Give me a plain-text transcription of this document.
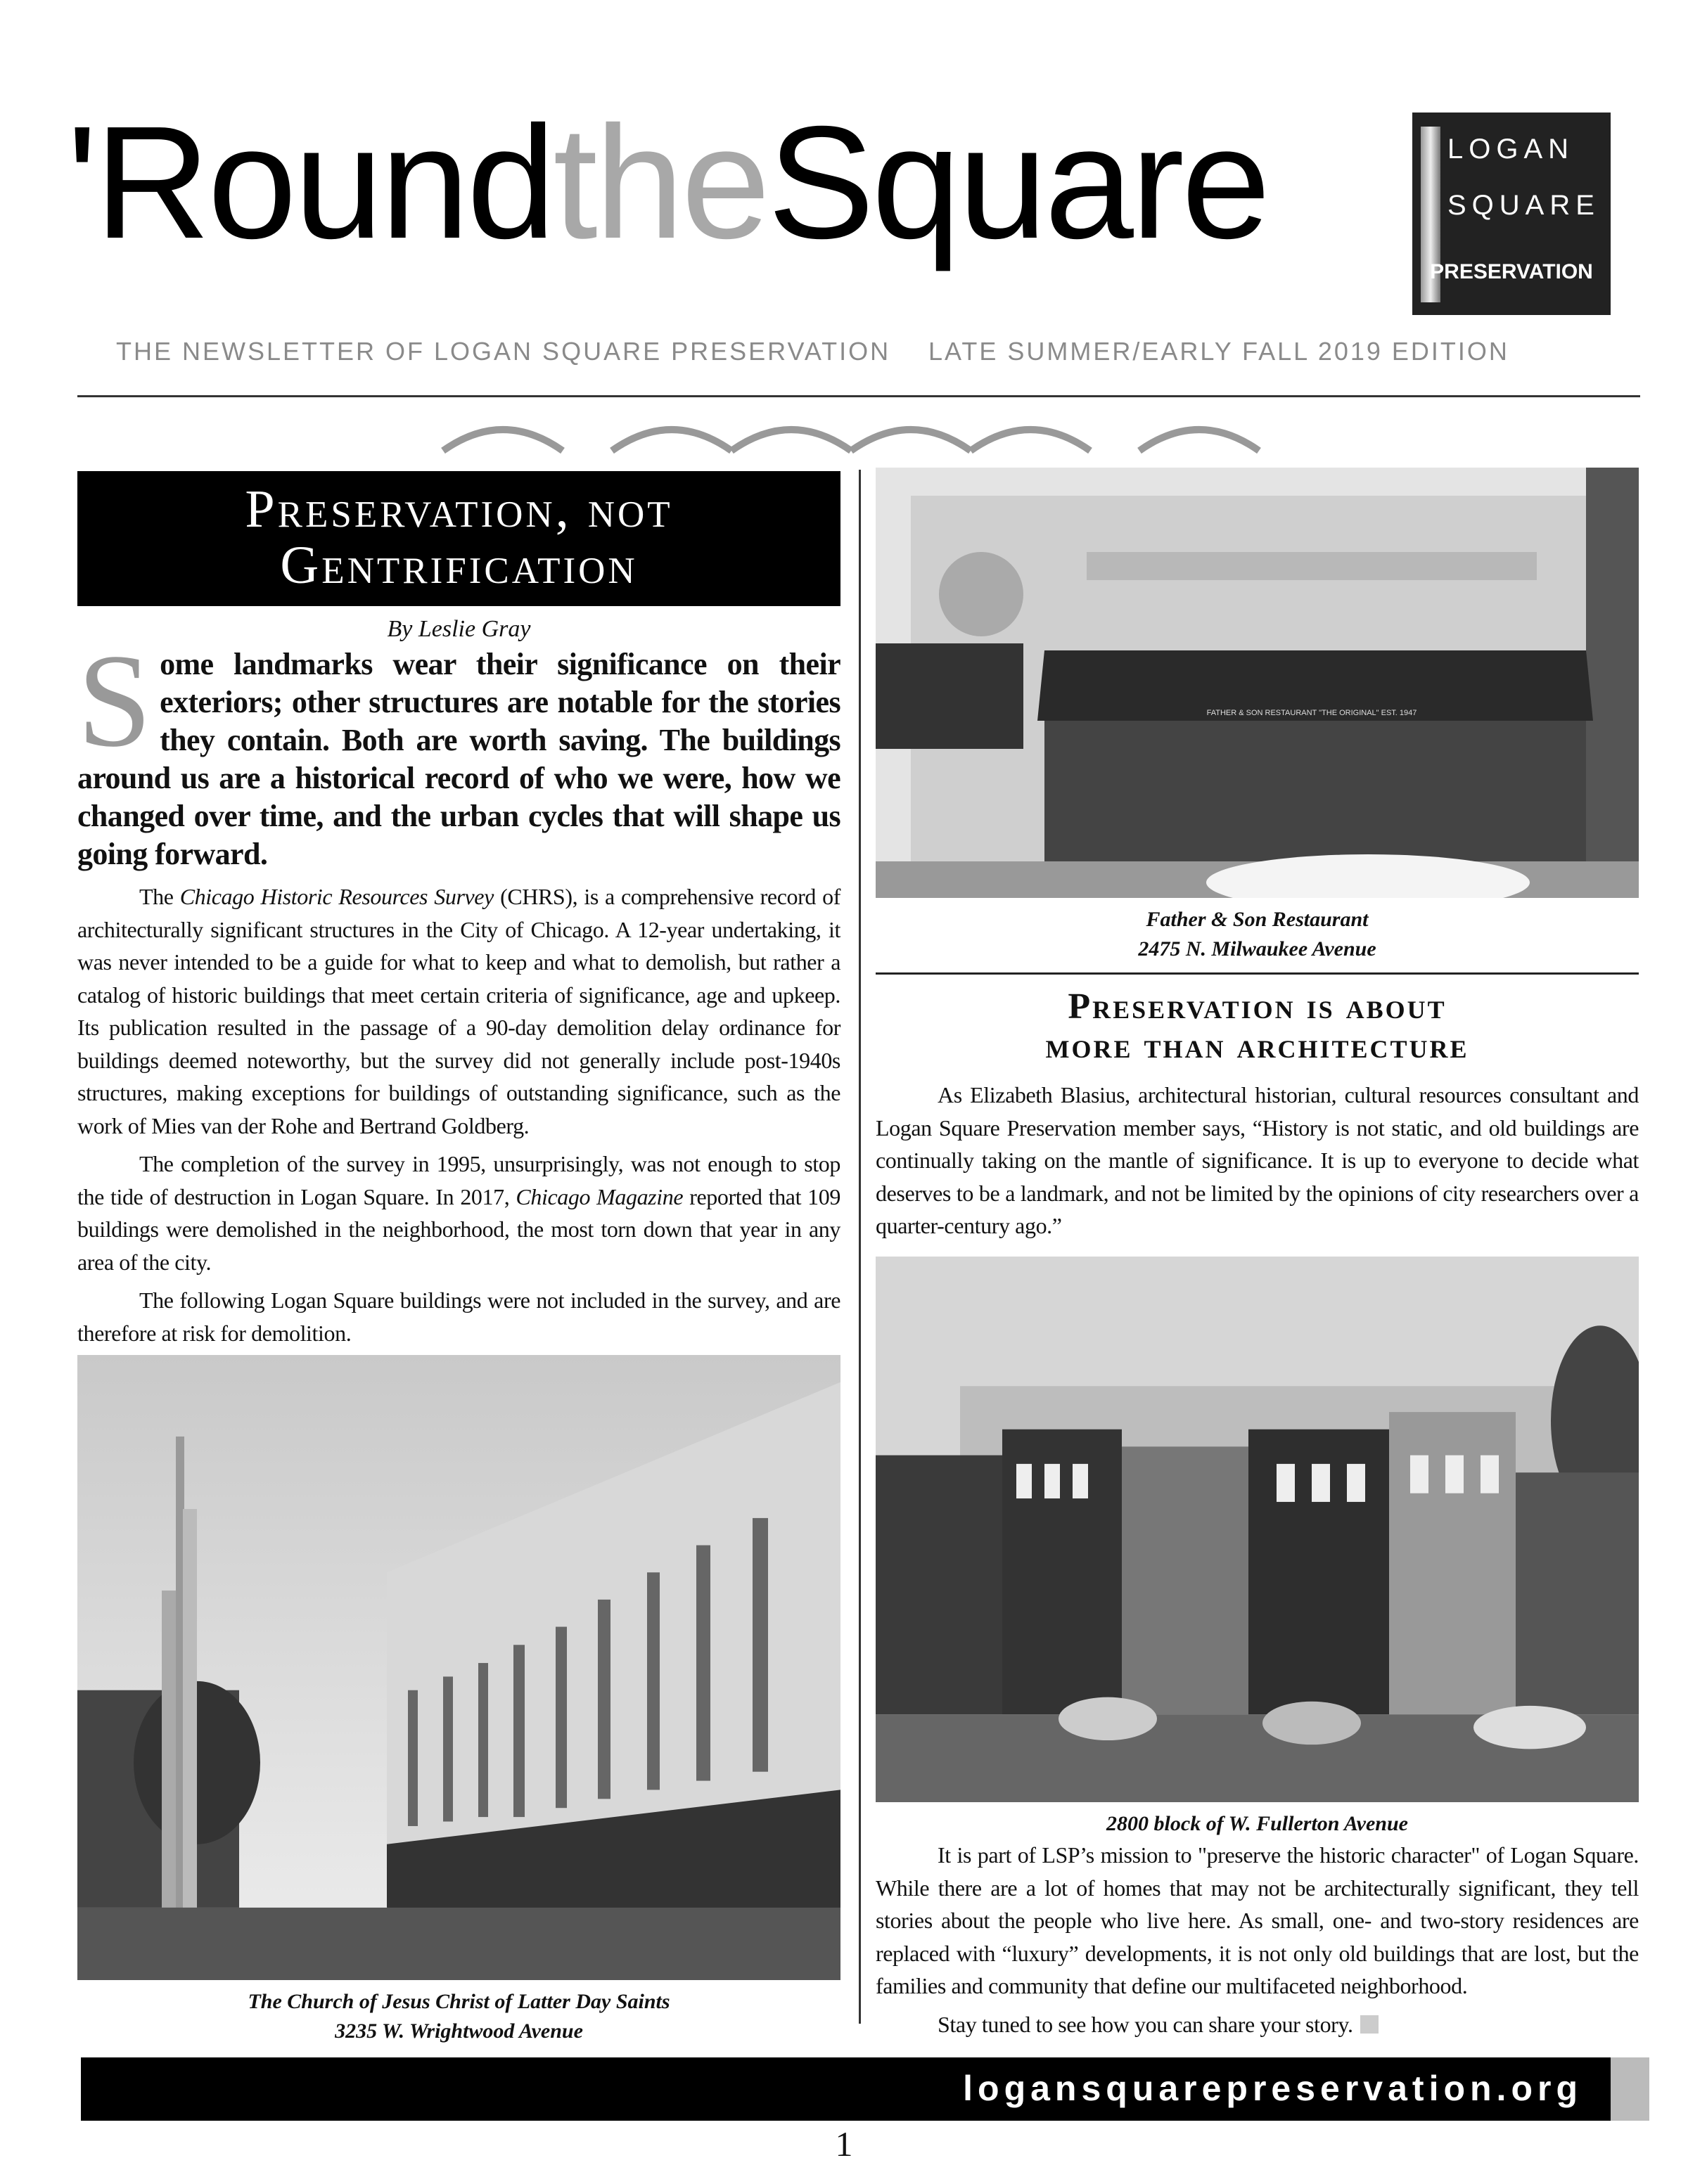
'RoundtheSquare	LOGAN
SQUARE
PRESERVATION
THE NEWSLETTER OF LOGAN SQUARE PRESERVATION LATE SUMMER/EARLY FALL 2019 EDITION
Preservation, not Gentrification
By Leslie Gray
Some landmarks wear their significance on their exteriors; other structures are notable for the stories they contain. Both are worth saving. The buildings around us are a historical record of who we were, how we changed over time, and the urban cycles that will shape us going forward.

The Chicago Historic Resources Survey (CHRS), is a comprehensive record of architecturally significant structures in the City of Chicago. A 12-year undertaking, it was never intended to be a guide for what to keep and what to demolish, but rather a catalog of historic buildings that meet certain criteria of significance, age and upkeep. Its publication resulted in the passage of a 90-day demolition delay ordinance for buildings deemed noteworthy, but the survey did not generally include post-1940s structures, making exceptions for buildings of outstanding significance, such as the work of Mies van der Rohe and Bertrand Goldberg.

The completion of the survey in 1995, unsurprisingly, was not enough to stop the tide of destruction in Logan Square. In 2017, Chicago Magazine reported that 109 buildings were demolished in the neighborhood, the most torn down that year in any area of the city.

The following Logan Square buildings were not included in the survey, and are therefore at risk for demolition.

The Church of Jesus Christ of Latter Day Saints
3235 W. Wrightwood Avenue
FATHER & SON RESTAURANT "THE ORIGINAL" EST. 1947
Father & Son Restaurant
2475 N. Milwaukee Avenue
Preservation is about
more than architecture

As Elizabeth Blasius, architectural historian, cultural resources consultant and Logan Square Preservation member says, “History is not static, and old buildings are continually taking on the mantle of significance. It is up to everyone to decide what deserves to be a landmark, and not be limited by the opinions of city researchers over a quarter-century ago.”

2800 block of W. Fullerton Avenue

It is part of LSP’s mission to "preserve the historic character" of Logan Square. While there are a lot of homes that may not be architecturally significant, they tell stories about the people who live here. As small, one- and two-story residences are replaced with “luxury” developments, it is not only old buildings that are lost, but the families and community that define our multifaceted neighborhood.

Stay tuned to see how you can share your story.

logansquarepreservation.org
1
